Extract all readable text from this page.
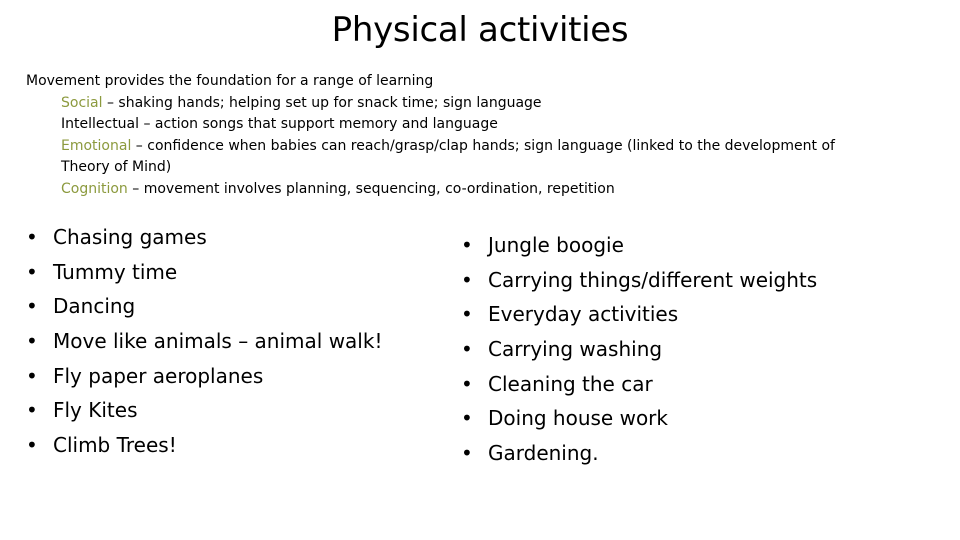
Physical activities

Movement provides the foundation for a range of learning

Social – shaking hands; helping set up for snack time; sign language

Intellectual – action songs that support memory and language

Emotional – confidence when babies can reach/grasp/clap hands; sign language (linked to the development of

Theory of Mind)

Cognition – movement involves planning, sequencing, co-ordination, repetition

• Chasing games
• Tummy time
• Dancing
• Move like animals – animal walk!
• Fly paper aeroplanes
• Fly Kites
• Climb Trees!
• Jungle boogie
• Carrying things/different weights
• Everyday activities
• Carrying washing
• Cleaning the car
• Doing house work
• Gardening.
